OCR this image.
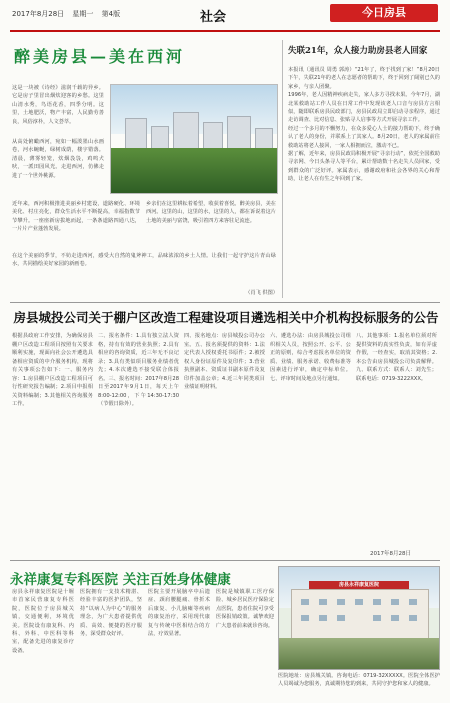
2017年8月28日 星期一 第4版	社会	今日房县
醉美房县—美在西河
这是一块被《诗经》滋润千载的异乡。它是房子里冒出烟炊迎客的乡愁。这里山清水秀，鸟语花香，四季分明。这里，土地肥沃，物产丰富，人民勤劳善良，风俗淳朴，人文荟萃。
从高处俯瞰西河，宛如一幅泼墨山水画卷，河水蜿蜒，绿树成荫，楼宇错落。清晨，薄雾轻笼，炊烟袅袅，鸡鸣犬吠，一派田园风光。走进西河，仿佛走进了一个世外桃源。
近年来，西河积极推进美丽乡村建设，道路硬化、环境美化、村庄亮化，群众生活水平不断提高，幸福指数节节攀升。一座座新房拔地而起，一条条道路四通八达，一片片产业蓬勃发展。
乡亲们在这里耕耘着希望，收获着喜悦。醉美房县，美在西河。这里的山，这里的水，这里的人，都在诉说着这片土地的美丽与富饶，吸引着四方来客驻足流连。
在这个美丽的季节，不妨走进西河，感受大自然的鬼斧神工，品味浓浓的乡土人情。让我们一起守护这片青山绿水，共同描绘美好家园的新画卷。
（肖飞 供图）
失联21年，众人接力助房县老人回家

本报讯（通讯员 周勇 郭涛）“21年了，终于找到了家！”8月20日下午，失联21年的老人在志愿者的帮助下，终于回到了阔别已久的家乡，与亲人团聚。

1996年，老人因精神疾病走失，家人多方寻找未果。今年7月，湖北某救助站工作人员在日常工作中发现该老人口音与房县方言相似，随即联系房县民政部门，房县民政局立即启动寻亲程序，通过走访调查、比对信息、张贴寻人启事等方式开展寻亲工作。

经过一个多月的不懈努力，在众多爱心人士的接力帮助下，终于确认了老人的身份，并联系上了其家人。8月20日，老人的家属前往救助站将老人接回，一家人相拥而泣，激动不已。

据了解，近年来，房县民政局积极开展“寻亲行动”，依托全国救助寻亲网、今日头条寻人等平台，累计帮助数十名走失人员回家，受到群众的广泛好评。家属表示，感谢政府和社会各界的关心和帮助，让老人在有生之年回到了家。

房县城投公司关于棚户区改造工程建设项目遴选相关中介机构投标服务的公告
根据县政府工作安排，为确保房县棚户区改造工程项目按照有关要求顺利实施，现面向社会公开遴选具备相应资质的中介服务机构，现将有关事项公告如下：一、服务内容：1.房县棚户区改造工程项目可行性研究报告编制；2.项目申报相关资料编制；3.其他相关咨询服务工作。
二、报名条件：1.具有独立法人资格，持有有效的营业执照；2.具有相应的咨询资质，近三年无不良记录；3.具有类似项目服务业绩者优先；4.本次遴选不接受联合体报名。三、报名时间：2017年8月28日至2017年9月1日，每天上午8:00-12:00，下午14:30-17:30（节假日除外）。
四、报名地点：房县城投公司办公室。五、报名须提供的资料：1.法定代表人授权委托书原件；2.被授权人身份证原件及复印件；3.营业执照副本、资质证书副本原件及复印件加盖公章；4.近三年同类项目业绩证明材料。
六、遴选办法：由房县城投公司组织相关人员，按照公开、公平、公正的原则，综合考虑报名单位的资质、业绩、服务承诺、收费标准等因素进行评审，确定中标单位。七、评审时间及地点另行通知。
八、其他事项：1.报名单位须对所提供资料的真实性负责，如有弄虚作假，一经查实，取消其资格；2.本公告由房县城投公司负责解释。九、联系方式：联系人：刘先生；联系电话：0719-3222XXX。
2017年8月28日
永祥康复专科医院 关注百姓身体健康
房县永祥康复医院是十堰市首家民营康复专科医院，医院位于房县城关镇，交通便利，环境优美。医院设有康复科、内科、外科、中医科等科室，配备先进的康复诊疗设备。
医院拥有一支技术精湛、经验丰富的医护团队，坚持“以病人为中心”的服务理念，为广大患者提供优质、高效、便捷的医疗服务，深受群众好评。
医院主要开展脑卒中后遗症、颈肩腰腿痛、骨折术后康复、小儿脑瘫等疾病的康复治疗，采用现代康复与传统中医相结合的方法，疗效显著。
医院是城镇职工医疗保险、城乡居民医疗保险定点医院，患者住院可享受医保报销政策。诚挚欢迎广大患者前来就诊咨询。
房县永祥康复医院
医院地址：房县城关镇。咨询电话：0719-32XXXXX。医院全体医护人员竭诚为您服务，真诚期待您的到来，共同守护您和家人的健康。
